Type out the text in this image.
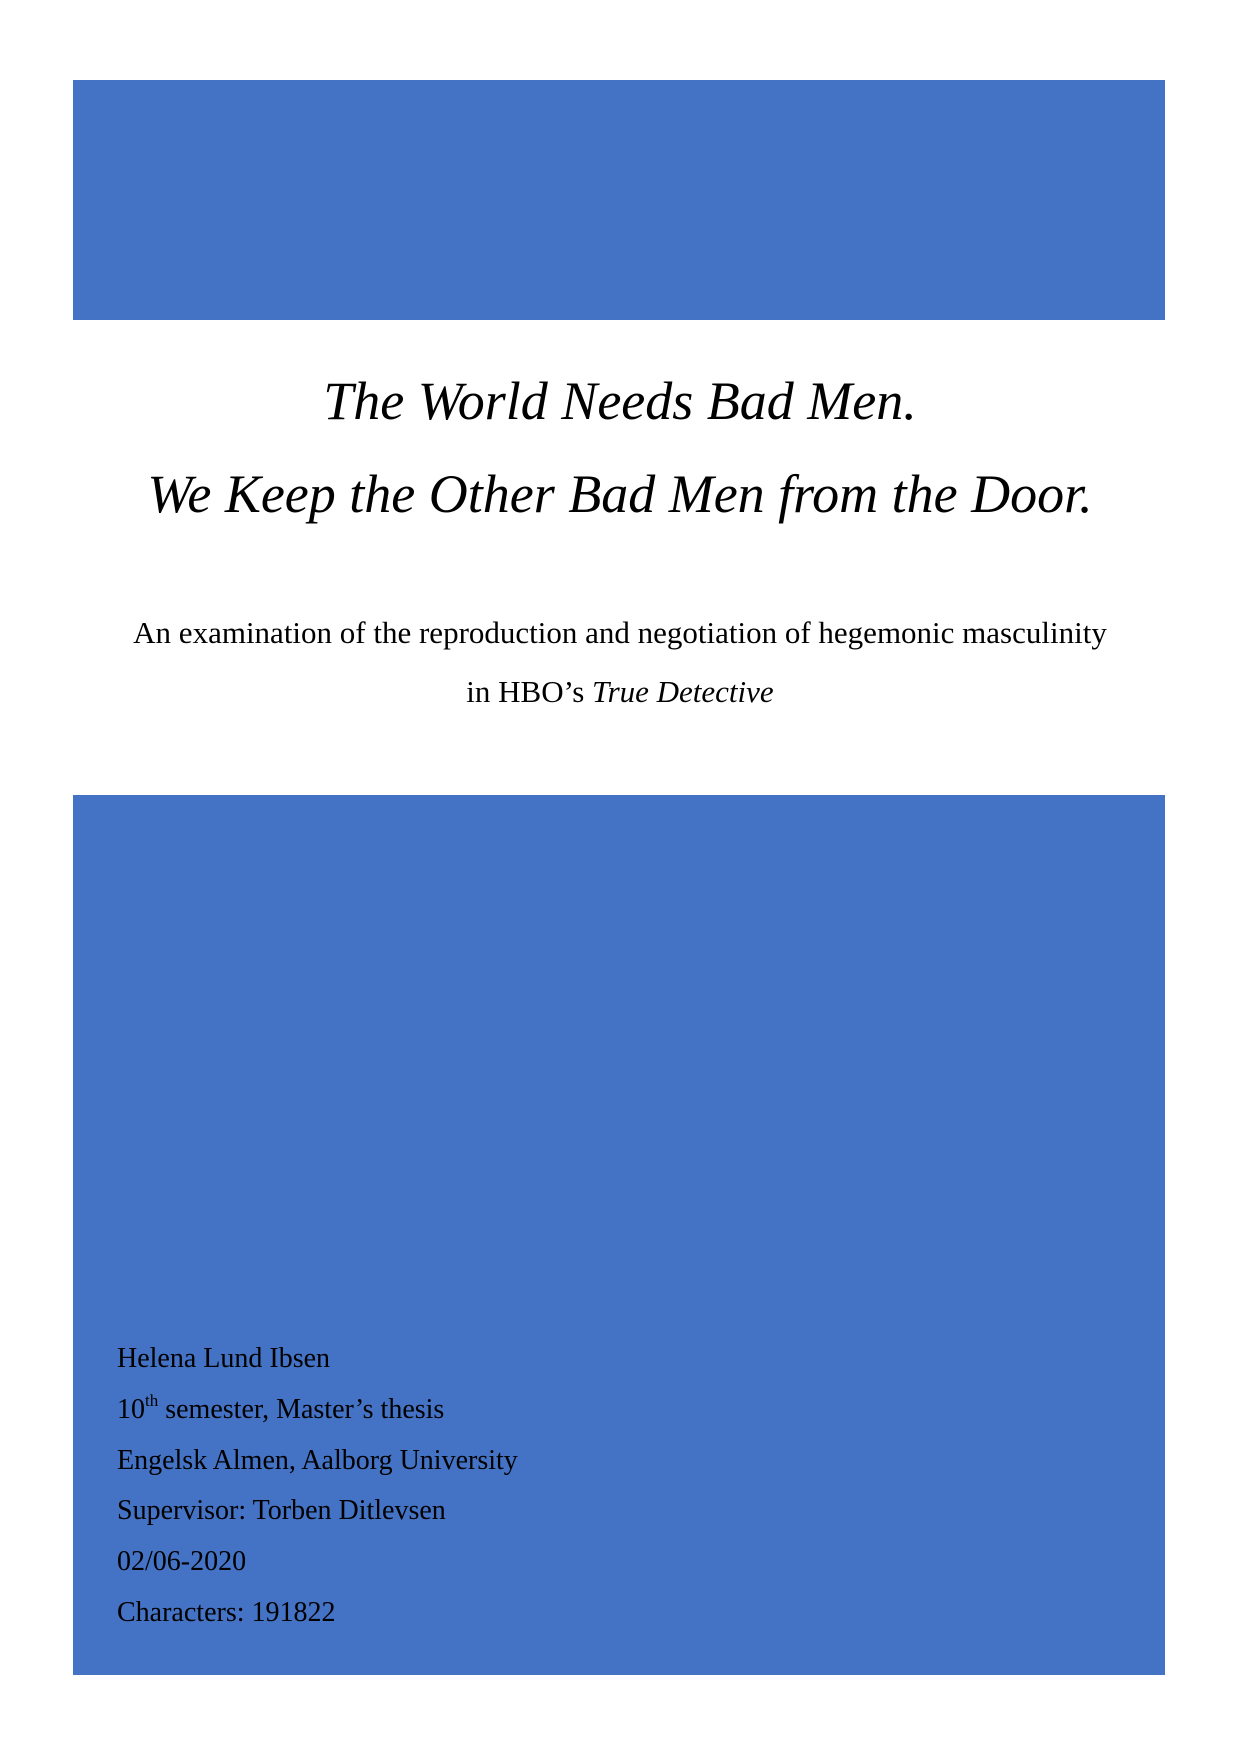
The World Needs Bad Men.
We Keep the Other Bad Men from the Door.
An examination of the reproduction and negotiation of hegemonic masculinity
in HBO’s True Detective
Helena Lund Ibsen
10th semester, Master’s thesis
Engelsk Almen, Aalborg University
Supervisor: Torben Ditlevsen
02/06-2020
Characters: 191822
